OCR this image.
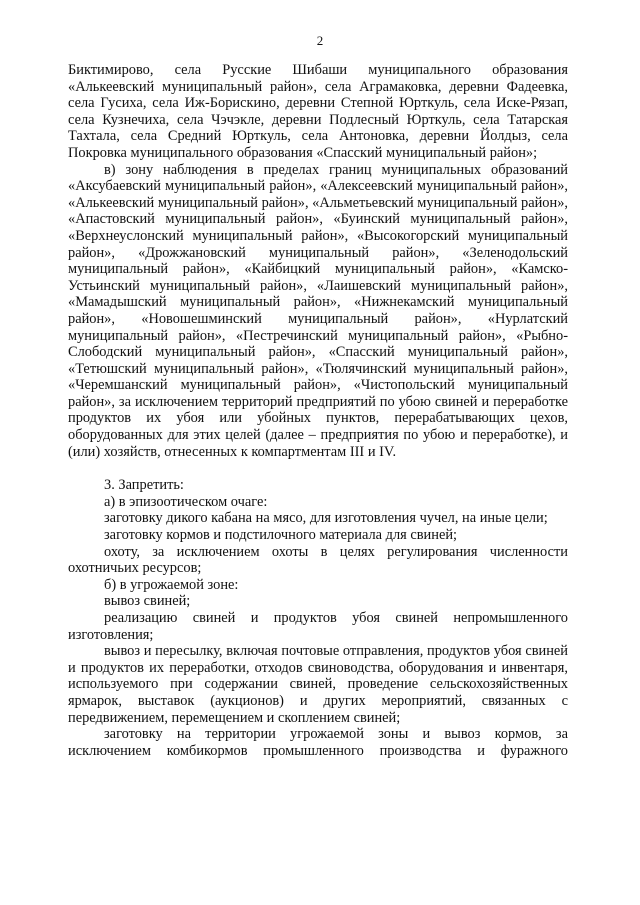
2

Биктимирово, села Русские Шибаши муниципального образования «Алькеевский муниципальный район», села Аграмаковка, деревни Фадеевка, села Гусиха, села Иж-Борискино, деревни Степной Юрткуль, села Иске-Рязап, села Кузнечиха, села Чэчэкле, деревни Подлесный Юрткуль, села Татарская Тахтала, села Средний Юрткуль, села Антоновка, деревни Йолдыз, села Покровка муниципального образования «Спасский муниципальный район»;

в) зону наблюдения в пределах границ муниципальных образований «Аксубаевский муниципальный район», «Алексеевский муниципальный район», «Алькеевский муниципальный район», «Альметьевский муниципальный район», «Апастовский муниципальный район», «Буинский муниципальный район», «Верхнеуслонский муниципальный район», «Высокогорский муниципальный район», «Дрожжановский муниципальный район», «Зеленодольский муниципальный район», «Кайбицкий муниципальный район», «Камско-Устьинский муниципальный район», «Лаишевский муниципальный район», «Мамадышский муниципальный район», «Нижнекамский муниципальный район», «Новошешминский муниципальный район», «Нурлатский муниципальный район», «Пестречинский муниципальный район», «Рыбно-Слободский муниципальный район», «Спасский муниципальный район», «Тетюшский муниципальный район», «Тюлячинский муниципальный район», «Черемшанский муниципальный район», «Чистопольский муниципальный район», за исключением территорий предприятий по убою свиней и переработке продуктов их убоя или убойных пунктов, перерабатывающих цехов, оборудованных для этих целей (далее – предприятия по убою и переработке), и (или) хозяйств, отнесенных к компартментам III и IV.

3. Запретить:

а) в эпизоотическом очаге:

заготовку дикого кабана на мясо, для изготовления чучел, на иные цели;

заготовку кормов и подстилочного материала для свиней;

охоту, за исключением охоты в целях регулирования численности охотничьих ресурсов;

б) в угрожаемой зоне:

вывоз свиней;

реализацию свиней и продуктов убоя свиней непромышленного изготовления;

вывоз и пересылку, включая почтовые отправления, продуктов убоя свиней и продуктов их переработки, отходов свиноводства, оборудования и инвентаря, используемого при содержании свиней, проведение сельскохозяйственных ярмарок, выставок (аукционов) и других мероприятий, связанных с передвижением, перемещением и скоплением свиней;

заготовку на территории угрожаемой зоны и вывоз кормов, за исключением комбикормов промышленного производства и фуражного
